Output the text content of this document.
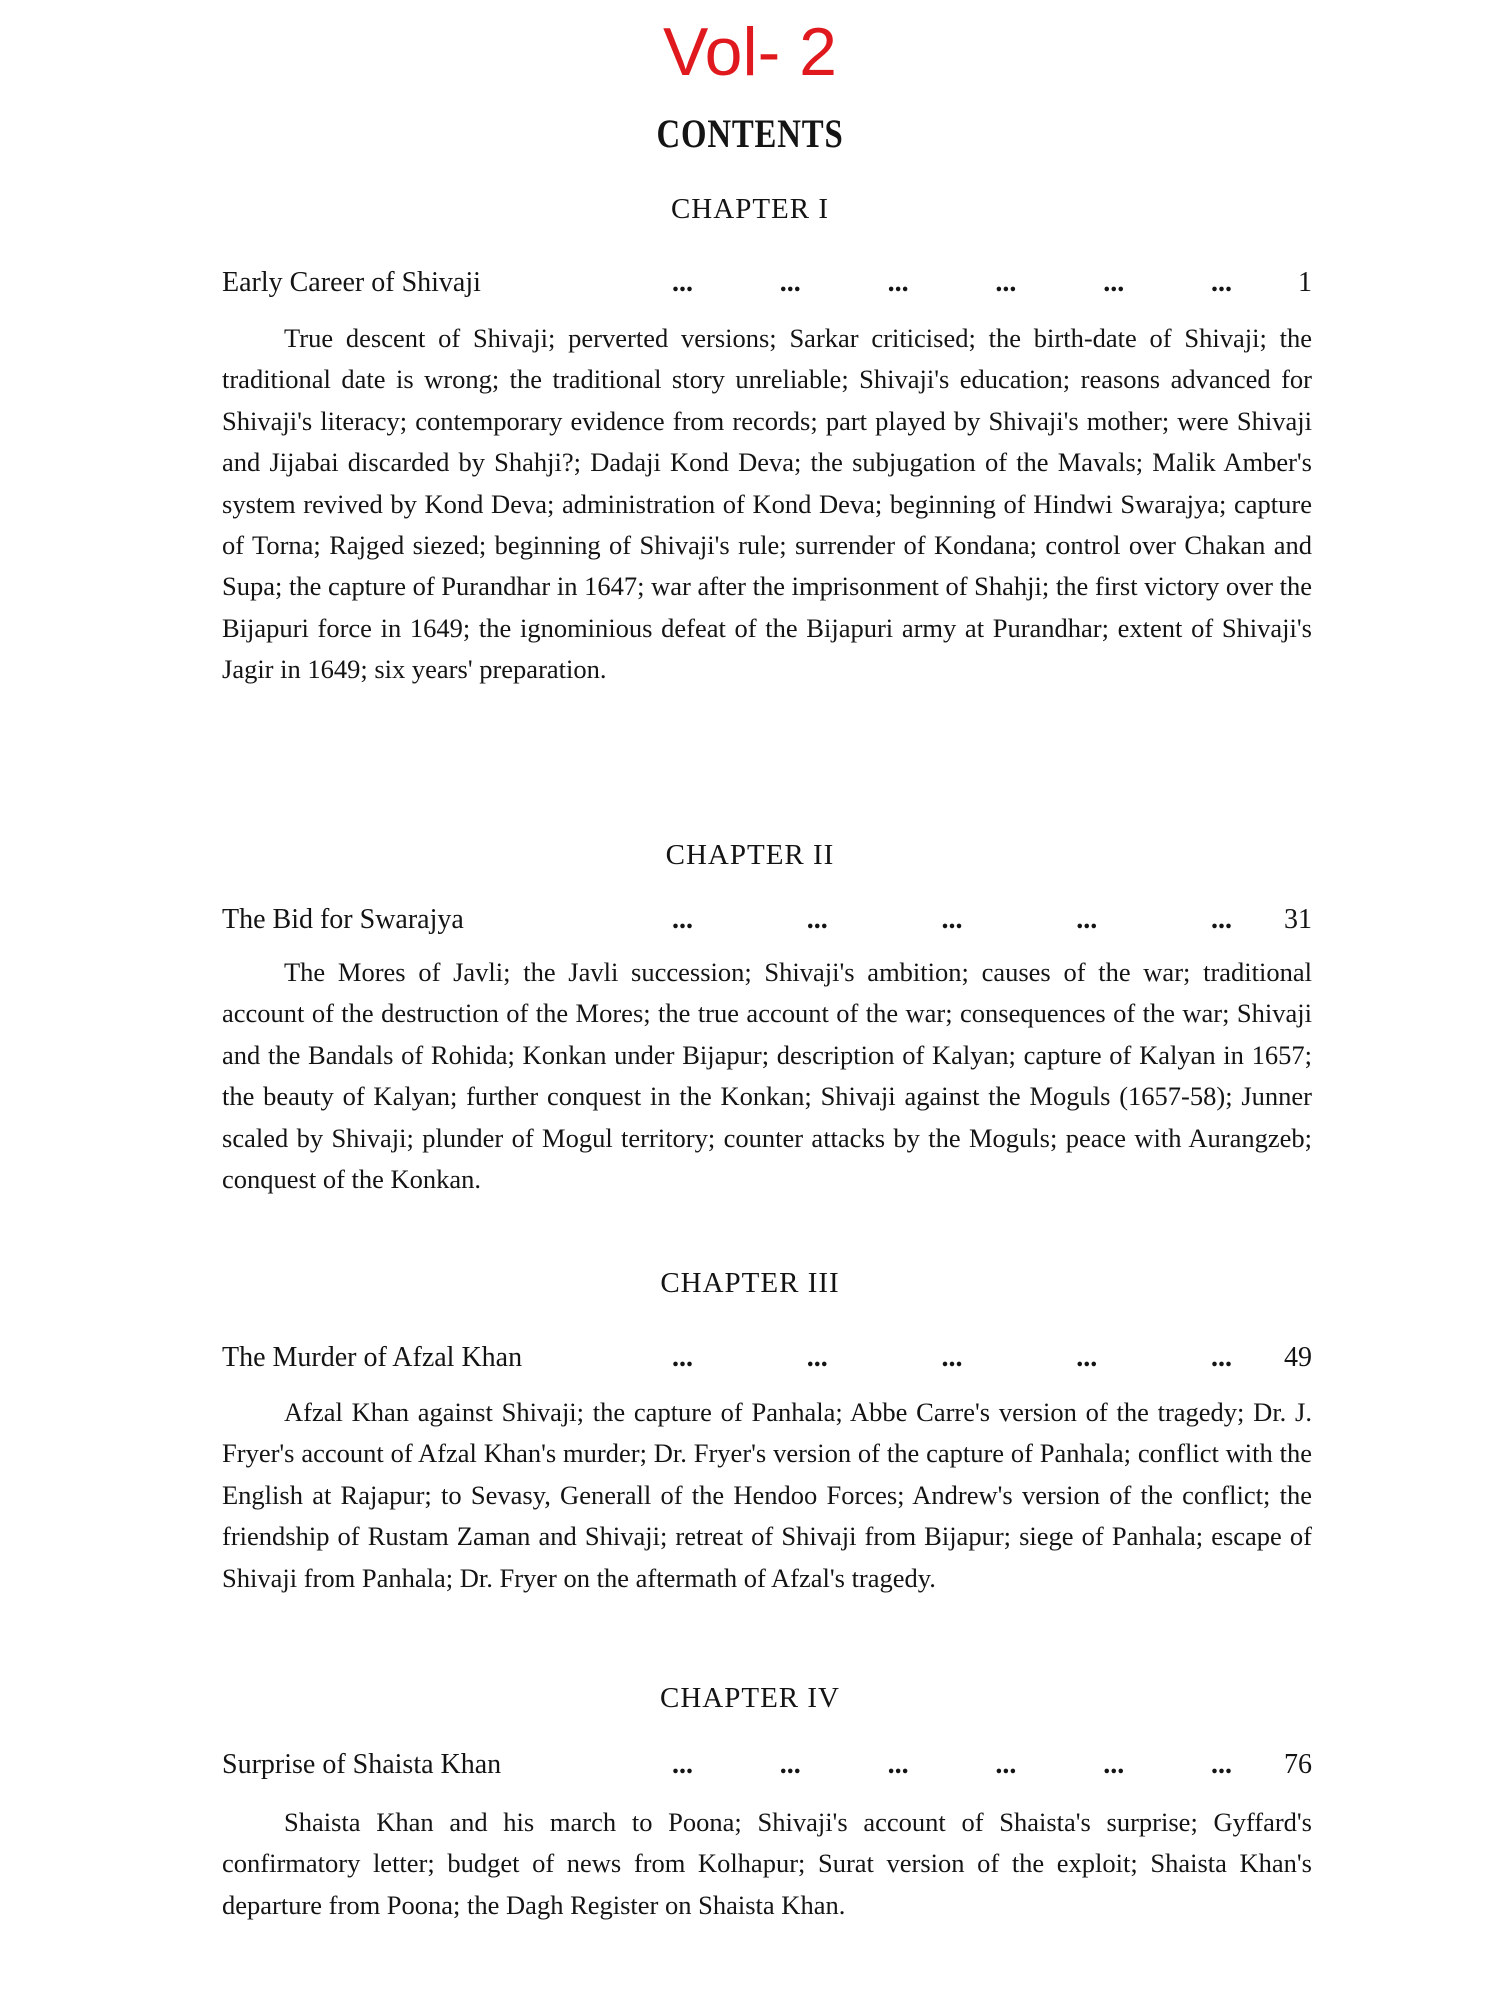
Vol- 2
CONTENTS
CHAPTER I
Early Career of Shivaji	...	...	...	...	...	... 1
True descent of Shivaji; perverted versions; Sarkar criticised; the birth-date of Shivaji; the traditional date is wrong; the traditional story unreliable; Shivaji's education; reasons advanced for Shivaji's literacy; contemporary evidence from records; part played by Shivaji's mother; were Shivaji and Jijabai discarded by Shahji?; Dadaji Kond Deva; the subjugation of the Mavals; Malik Amber's system revived by Kond Deva; administration of Kond Deva; beginning of Hindwi Swarajya; capture of Torna; Rajged siezed; beginning of Shivaji's rule; surrender of Kondana; control over Chakan and Supa; the capture of Purandhar in 1647; war after the imprisonment of Shahji; the first victory over the Bijapuri force in 1649; the ignominious defeat of the Bijapuri army at Purandhar; extent of Shivaji's Jagir in 1649; six years' preparation.
CHAPTER II
The Bid for Swarajya	...	...	...	...	... 31
The Mores of Javli; the Javli succession; Shivaji's ambition; causes of the war; traditional account of the destruction of the Mores; the true account of the war; consequences of the war; Shivaji and the Bandals of Rohida; Konkan under Bijapur; description of Kalyan; capture of Kalyan in 1657; the beauty of Kalyan; further conquest in the Konkan; Shivaji against the Moguls (1657-58); Junner scaled by Shivaji; plunder of Mogul territory; counter attacks by the Moguls; peace with Aurangzeb; conquest of the Konkan.
CHAPTER III
The Murder of Afzal Khan	...	...	...	...	... 49
Afzal Khan against Shivaji; the capture of Panhala; Abbe Carre's version of the tragedy; Dr. J. Fryer's account of Afzal Khan's murder; Dr. Fryer's version of the capture of Panhala; conflict with the English at Rajapur; to Sevasy, Generall of the Hendoo Forces; Andrew's version of the conflict; the friendship of Rustam Zaman and Shivaji; retreat of Shivaji from Bijapur; siege of Panhala; escape of Shivaji from Panhala; Dr. Fryer on the aftermath of Afzal's tragedy.
CHAPTER IV
Surprise of Shaista Khan	...	...	...	...	...	... 76
Shaista Khan and his march to Poona; Shivaji's account of Shaista's surprise; Gyffard's confirmatory letter; budget of news from Kolhapur; Surat version of the exploit; Shaista Khan's departure from Poona; the Dagh Register on Shaista Khan.
